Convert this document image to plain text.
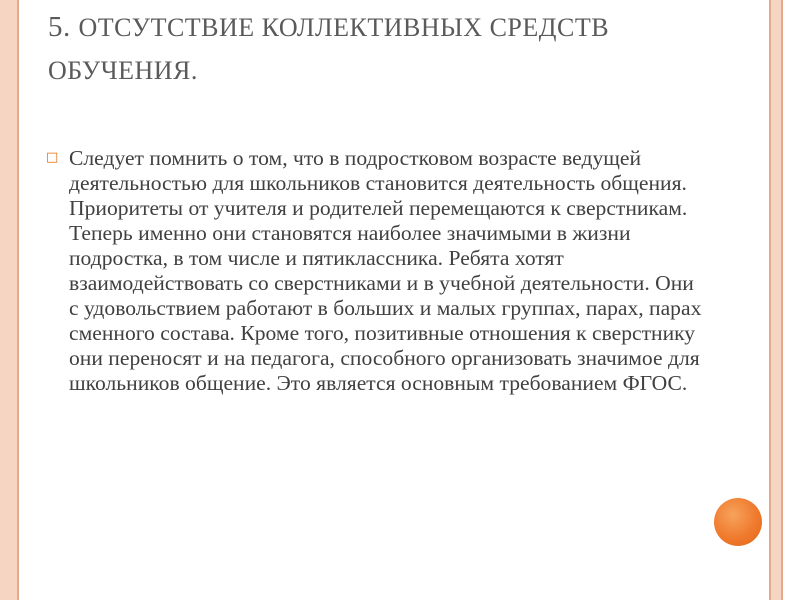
5. ОТСУТСТВИЕ КОЛЛЕКТИВНЫХ СРЕДСТВ ОБУЧЕНИЯ.
□ Следует помнить о том, что в подростковом возрасте ведущей деятельностью для школьников становится деятельность общения. Приоритеты от учителя и родителей перемещаются к сверстникам. Теперь именно они становятся наиболее значимыми в жизни подростка, в том числе и пятиклассника. Ребята хотят взаимодействовать со сверстниками и в учебной деятельности. Они с удовольствием работают в больших и малых группах, парах, парах сменного состава. Кроме того, позитивные отношения к сверстнику они переносят и на педагога, способного организовать значимое для школьников общение. Это является основным требованием ФГОС.
